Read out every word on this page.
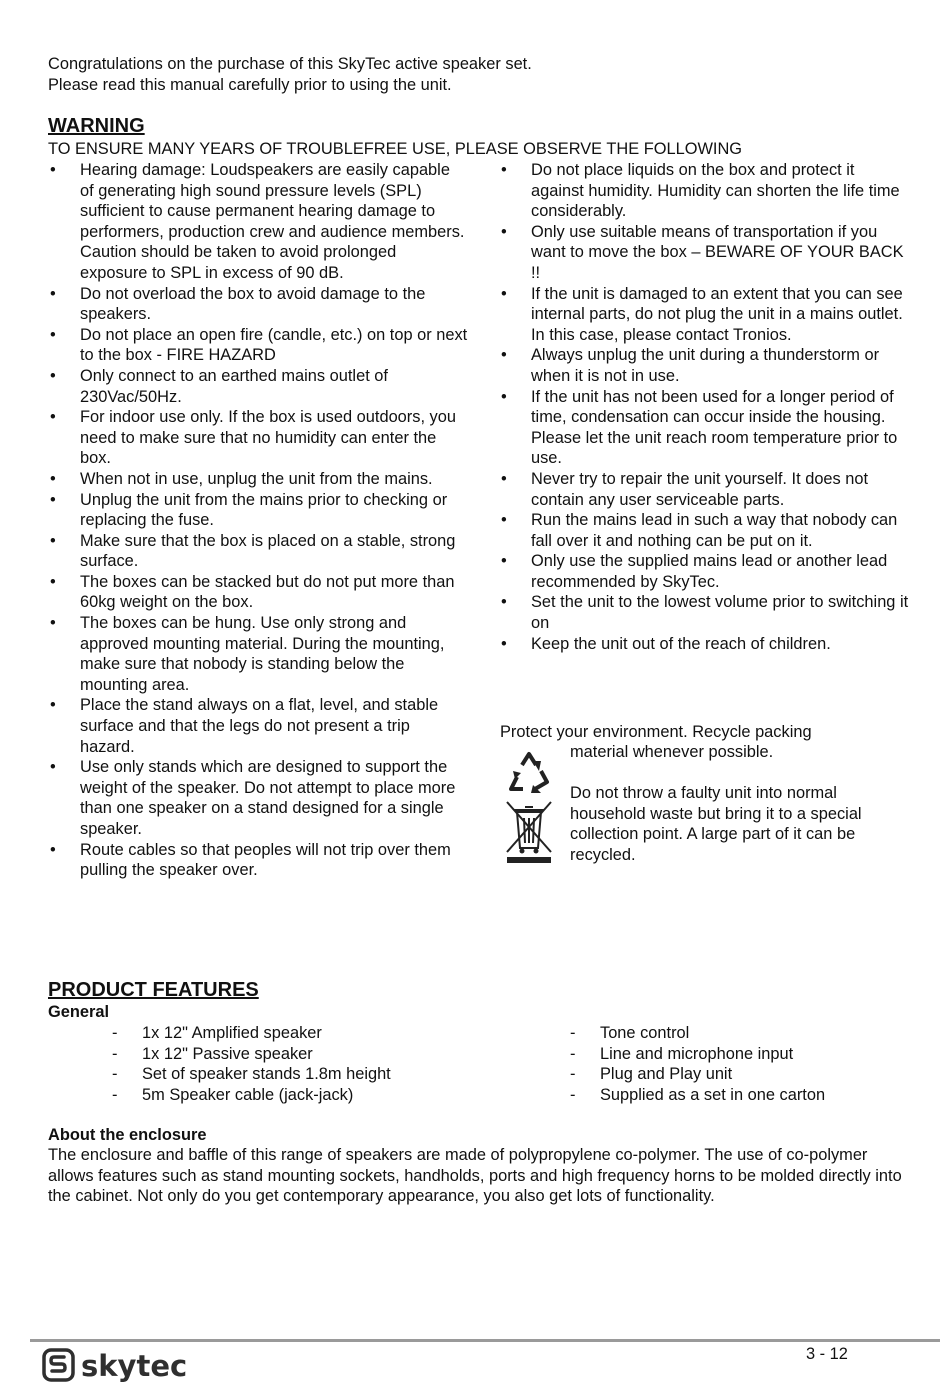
Congratulations on the purchase of this SkyTec active speaker set.

Please read this manual carefully prior to using the unit.

WARNING

TO ENSURE MANY YEARS OF TROUBLEFREE USE, PLEASE OBSERVE THE FOLLOWING

• Hearing damage: Loudspeakers are easily capable of generating high sound pressure levels (SPL) sufficient to cause permanent hearing damage to performers, production crew and audience members. Caution should be taken to avoid prolonged exposure to SPL in excess of 90 dB.
• Do not overload the box to avoid damage to the speakers.
• Do not place an open fire (candle, etc.) on top or next to the box - FIRE HAZARD
• Only connect to an earthed mains outlet of 230Vac/50Hz.
• For indoor use only. If the box is used outdoors, you need to make sure that no humidity can enter the box.
• When not in use, unplug the unit from the mains.
• Unplug the unit from the mains prior to checking or replacing the fuse.
• Make sure that the box is placed on a stable, strong surface.
• The boxes can be stacked but do not put more than 60kg weight on the box.
• The boxes can be hung. Use only strong and approved mounting material. During the mounting, make sure that nobody is standing below the mounting area.
• Place the stand always on a flat, level, and stable surface and that the legs do not present a trip hazard.
• Use only stands which are designed to support the weight of the speaker. Do not attempt to place more than one speaker on a stand designed for a single speaker.
• Route cables so that peoples will not trip over them pulling the speaker over.
• Do not place liquids on the box and protect it against humidity. Humidity can shorten the life time considerably.
• Only use suitable means of transportation if you want to move the box – BEWARE OF YOUR BACK !!
• If the unit is damaged to an extent that you can see internal parts, do not plug the unit in a mains outlet. In this case, please contact Tronios.
• Always unplug the unit during a thunderstorm or when it is not in use.
• If the unit has not been used for a longer period of time, condensation can occur inside the housing. Please let the unit reach room temperature prior to use.
• Never try to repair the unit yourself. It does not contain any user serviceable parts.
• Run the mains lead in such a way that nobody can fall over it and nothing can be put on it.
• Only use the supplied mains lead or another lead recommended by SkyTec.
• Set the unit to the lowest volume prior to switching it on
• Keep the unit out of the reach of children.

Protect your environment. Recycle packing

material whenever possible.

Do not throw a faulty unit into normal household waste but bring it to a special collection point. A large part of it can be recycled.

PRODUCT FEATURES

General

- 1x 12" Amplified speaker
- 1x 12" Passive speaker
- Set of speaker stands 1.8m height
- 5m Speaker cable (jack-jack)
- Tone control
- Line and microphone input
- Plug and Play unit
- Supplied as a set in one carton

About the enclosure

The enclosure and baffle of this range of speakers are made of polypropylene co-polymer. The use of co-polymer allows features such as stand mounting sockets, handholds, ports and high frequency horns to be molded directly into the cabinet. Not only do you get contemporary appearance, you also get lots of functionality.

skytec	3 - 12
